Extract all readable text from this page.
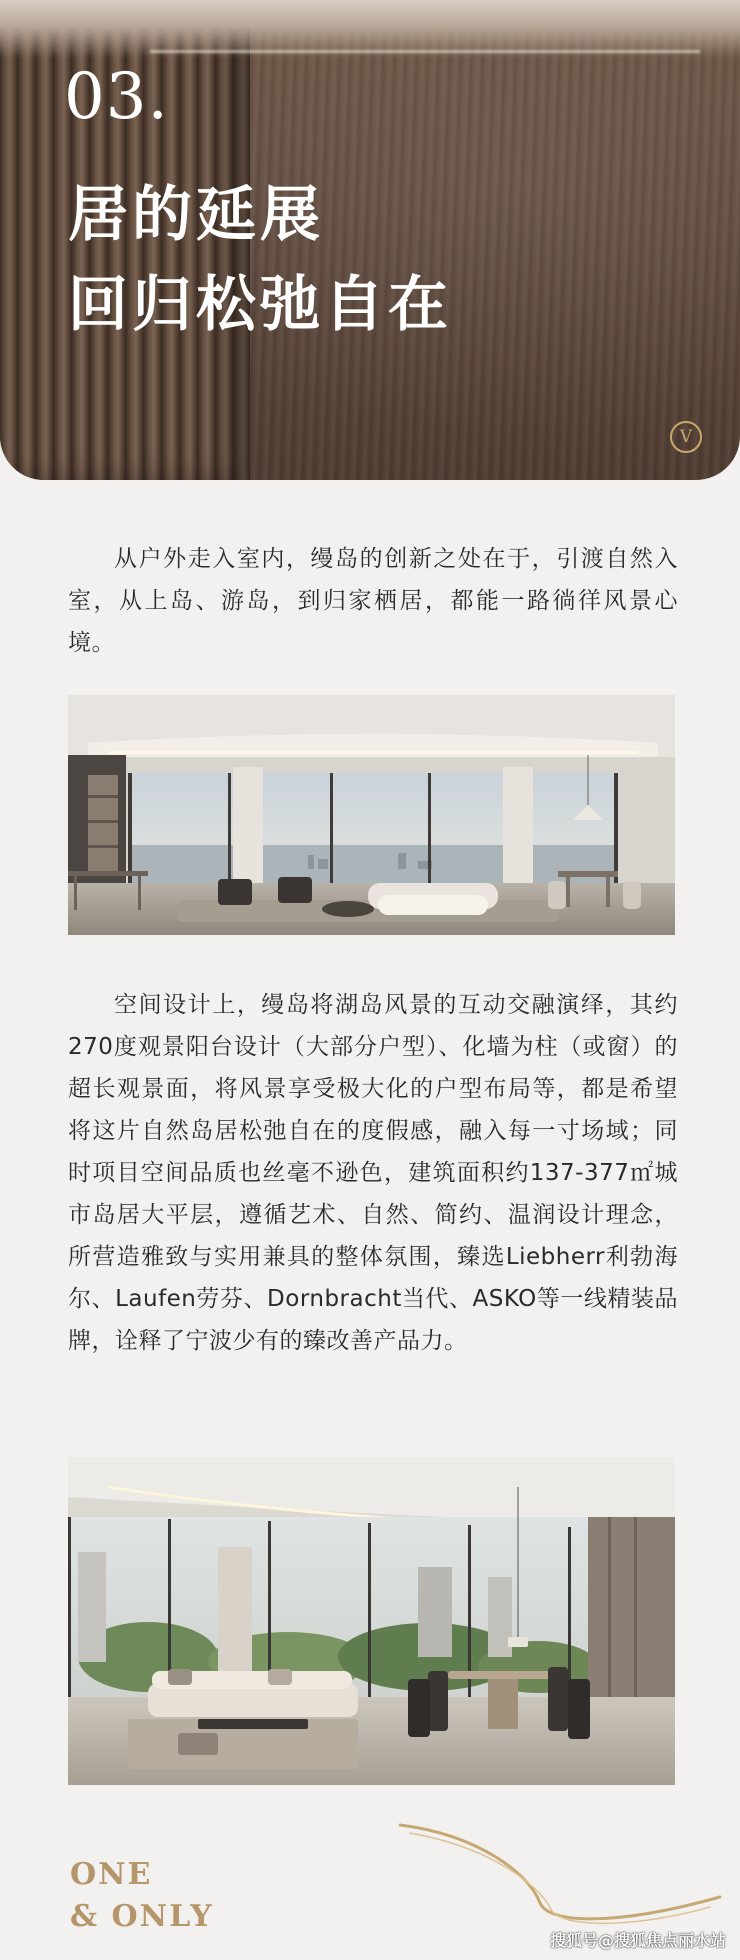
03.
居的延展
回归松弛自在
V

从户外走入室内，缦岛的创新之处在于，引渡自然入室，从上岛、游岛，到归家栖居，都能一路徜徉风景心境。

空间设计上，缦岛将湖岛风景的互动交融演绎，其约270度观景阳台设计（大部分户型）、化墙为柱（或窗）的超长观景面，将风景享受极大化的户型布局等，都是希望将这片自然岛居松弛自在的度假感，融入每一寸场域；同时项目空间品质也丝毫不逊色，建筑面积约137-377㎡城市岛居大平层，遵循艺术、自然、简约、温润设计理念，所营造雅致与实用兼具的整体氛围，臻选Liebherr利勃海尔、Laufen劳芬、Dornbracht当代、ASKO等一线精装品牌，诠释了宁波少有的臻改善产品力。

ONE
& ONLY
搜狐号@搜狐焦点丽水站
